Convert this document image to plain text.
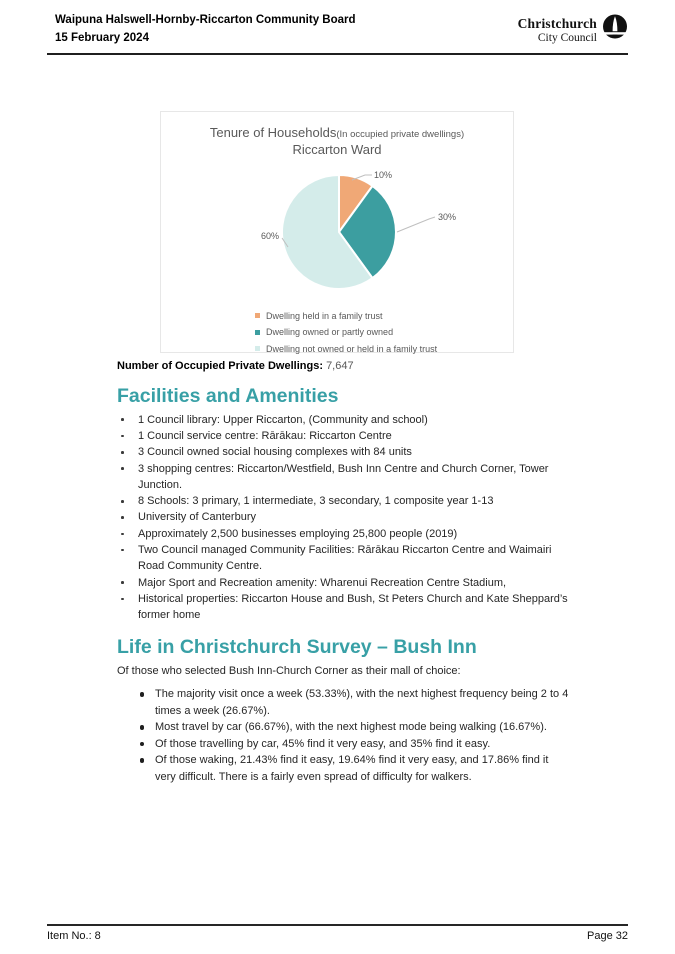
Waipuna Halswell-Hornby-Riccarton Community Board
15 February 2024
Christchurch
City Council
Tenure of Households(In occupied private dwellings)
Riccarton Ward
10%
30%
60%
Dwelling held in a family trust
Dwelling owned or partly owned
Dwelling not owned or held in a family trust
Number of Occupied Private Dwellings: 7,647
Facilities and Amenities
1 Council library: Upper Riccarton, (Community and school)
1 Council service centre: Rārākau: Riccarton Centre
3 Council owned social housing complexes with 84 units
3 shopping centres: Riccarton/Westfield, Bush Inn Centre and Church Corner, Tower Junction.
8 Schools: 3 primary, 1 intermediate, 3 secondary, 1 composite year 1-13
University of Canterbury
Approximately 2,500 businesses employing 25,800 people (2019)
Two Council managed Community Facilities: Rārākau Riccarton Centre and Waimairi Road Community Centre.
Major Sport and Recreation amenity: Wharenui Recreation Centre Stadium,
Historical properties: Riccarton House and Bush, St Peters Church and Kate Sheppard’s former home
Life in Christchurch Survey – Bush Inn
Of those who selected Bush Inn-Church Corner as their mall of choice:
The majority visit once a week (53.33%), with the next highest frequency being 2 to 4 times a week (26.67%).
Most travel by car (66.67%), with the next highest mode being walking (16.67%).
Of those travelling by car, 45% find it very easy, and 35% find it easy.
Of those waking, 21.43% find it easy, 19.64% find it very easy, and 17.86% find it very difficult. There is a fairly even spread of difficulty for walkers.
Item No.: 8	Page 32
